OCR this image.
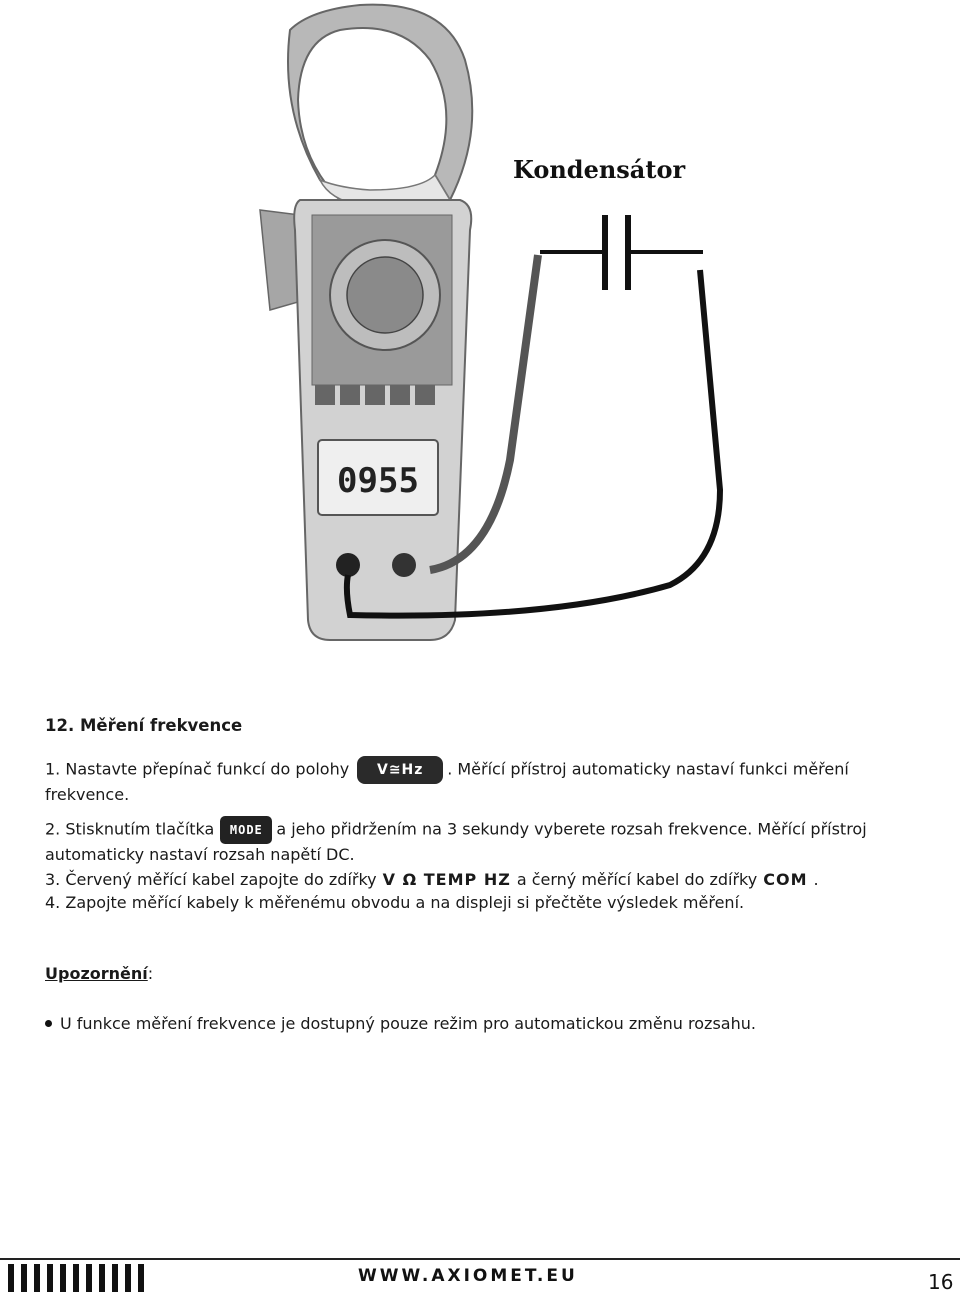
0955
Kondensátor
12. Měření frekvence
1. Nastavte přepínač funkcí do polohy V≅Hz . Měřící přístroj automaticky nastaví funkci měření frekvence.
2. Stisknutím tlačítka MODE a jeho přidržením na 3 sekundy vyberete rozsah frekvence. Měřící přístroj automaticky nastaví rozsah napětí DC.
3. Červený měřící kabel zapojte do zdířky V Ω TEMP HZ a černý měřící kabel do zdířky COM .
4. Zapojte měřící kabely k měřenému obvodu a na displeji si přečtěte výsledek měření.
Upozornění:
U funkce měření frekvence je dostupný pouze režim pro automatickou změnu rozsahu.
WWW.AXIOMET.EU	16
